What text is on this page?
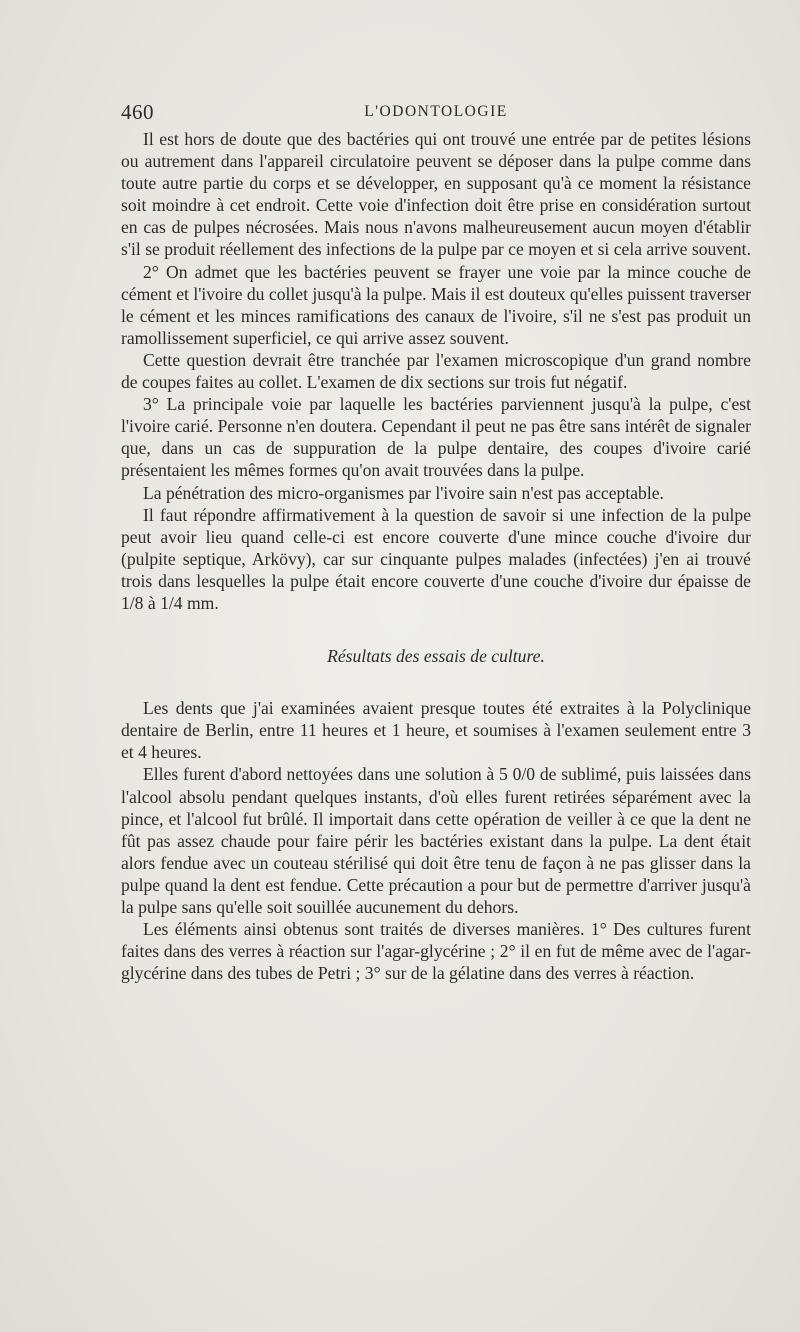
460	L'ODONTOLOGIE

Il est hors de doute que des bactéries qui ont trouvé une entrée par de petites lésions ou autrement dans l'appareil circulatoire peuvent se déposer dans la pulpe comme dans toute autre partie du corps et se développer, en supposant qu'à ce moment la résistance soit moindre à cet endroit. Cette voie d'infection doit être prise en considération surtout en cas de pulpes nécrosées. Mais nous n'avons malheureusement aucun moyen d'établir s'il se produit réellement des infections de la pulpe par ce moyen et si cela arrive souvent.

2° On admet que les bactéries peuvent se frayer une voie par la mince couche de cément et l'ivoire du collet jusqu'à la pulpe. Mais il est douteux qu'elles puissent traverser le cément et les minces ramifications des canaux de l'ivoire, s'il ne s'est pas produit un ramollissement superficiel, ce qui arrive assez souvent.

Cette question devrait être tranchée par l'examen microscopique d'un grand nombre de coupes faites au collet. L'examen de dix sections sur trois fut négatif.

3° La principale voie par laquelle les bactéries parviennent jusqu'à la pulpe, c'est l'ivoire carié. Personne n'en doutera. Cependant il peut ne pas être sans intérêt de signaler que, dans un cas de suppuration de la pulpe dentaire, des coupes d'ivoire carié présentaient les mêmes formes qu'on avait trouvées dans la pulpe.

La pénétration des micro-organismes par l'ivoire sain n'est pas acceptable.

Il faut répondre affirmativement à la question de savoir si une infection de la pulpe peut avoir lieu quand celle-ci est encore couverte d'une mince couche d'ivoire dur (pulpite septique, Arkövy), car sur cinquante pulpes malades (infectées) j'en ai trouvé trois dans lesquelles la pulpe était encore couverte d'une couche d'ivoire dur épaisse de 1/8 à 1/4 mm.

Résultats des essais de culture.

Les dents que j'ai examinées avaient presque toutes été extraites à la Polyclinique dentaire de Berlin, entre 11 heures et 1 heure, et soumises à l'examen seulement entre 3 et 4 heures.

Elles furent d'abord nettoyées dans une solution à 5 0/0 de sublimé, puis laissées dans l'alcool absolu pendant quelques instants, d'où elles furent retirées séparément avec la pince, et l'alcool fut brûlé. Il importait dans cette opération de veiller à ce que la dent ne fût pas assez chaude pour faire périr les bactéries existant dans la pulpe. La dent était alors fendue avec un couteau stérilisé qui doit être tenu de façon à ne pas glisser dans la pulpe quand la dent est fendue. Cette précaution a pour but de permettre d'arriver jusqu'à la pulpe sans qu'elle soit souillée aucunement du dehors.

Les éléments ainsi obtenus sont traités de diverses manières. 1° Des cultures furent faites dans des verres à réaction sur l'agar-glycérine ; 2° il en fut de même avec de l'agar-glycérine dans des tubes de Petri ; 3° sur de la gélatine dans des verres à réaction.
